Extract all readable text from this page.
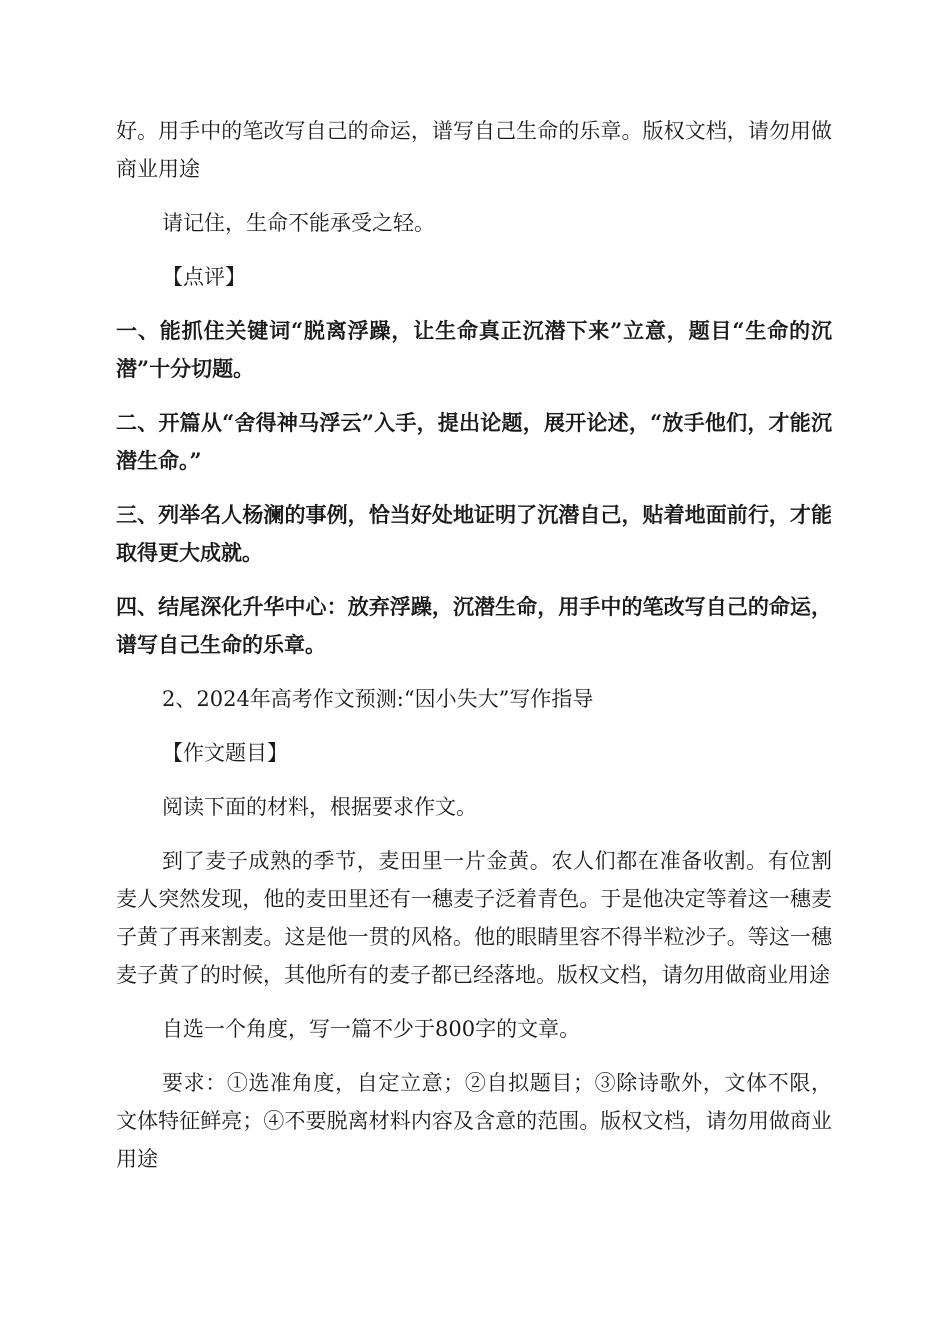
好。用手中的笔改写自己的命运，谱写自己生命的乐章。版权文档，请勿用做商业用途

请记住，生命不能承受之轻。

【点评】

一、能抓住关键词“脱离浮躁，让生命真正沉潜下来”立意，题目“生命的沉潜”十分切题。

二、开篇从“舍得神马浮云”入手，提出论题，展开论述，“放手他们，才能沉潜生命。”

三、列举名人杨澜的事例，恰当好处地证明了沉潜自己，贴着地面前行，才能取得更大成就。

四、结尾深化升华中心：放弃浮躁，沉潜生命，用手中的笔改写自己的命运，谱写自己生命的乐章。

2、2024年高考作文预测:“因小失大”写作指导

【作文题目】

阅读下面的材料，根据要求作文。

到了麦子成熟的季节，麦田里一片金黄。农人们都在准备收割。有位割麦人突然发现，他的麦田里还有一穗麦子泛着青色。于是他决定等着这一穗麦子黄了再来割麦。这是他一贯的风格。他的眼睛里容不得半粒沙子。等这一穗麦子黄了的时候，其他所有的麦子都已经落地。版权文档，请勿用做商业用途

自选一个角度，写一篇不少于800字的文章。

要求：①选准角度，自定立意；②自拟题目；③除诗歌外，文体不限，文体特征鲜亮；④不要脱离材料内容及含意的范围。版权文档，请勿用做商业用途
